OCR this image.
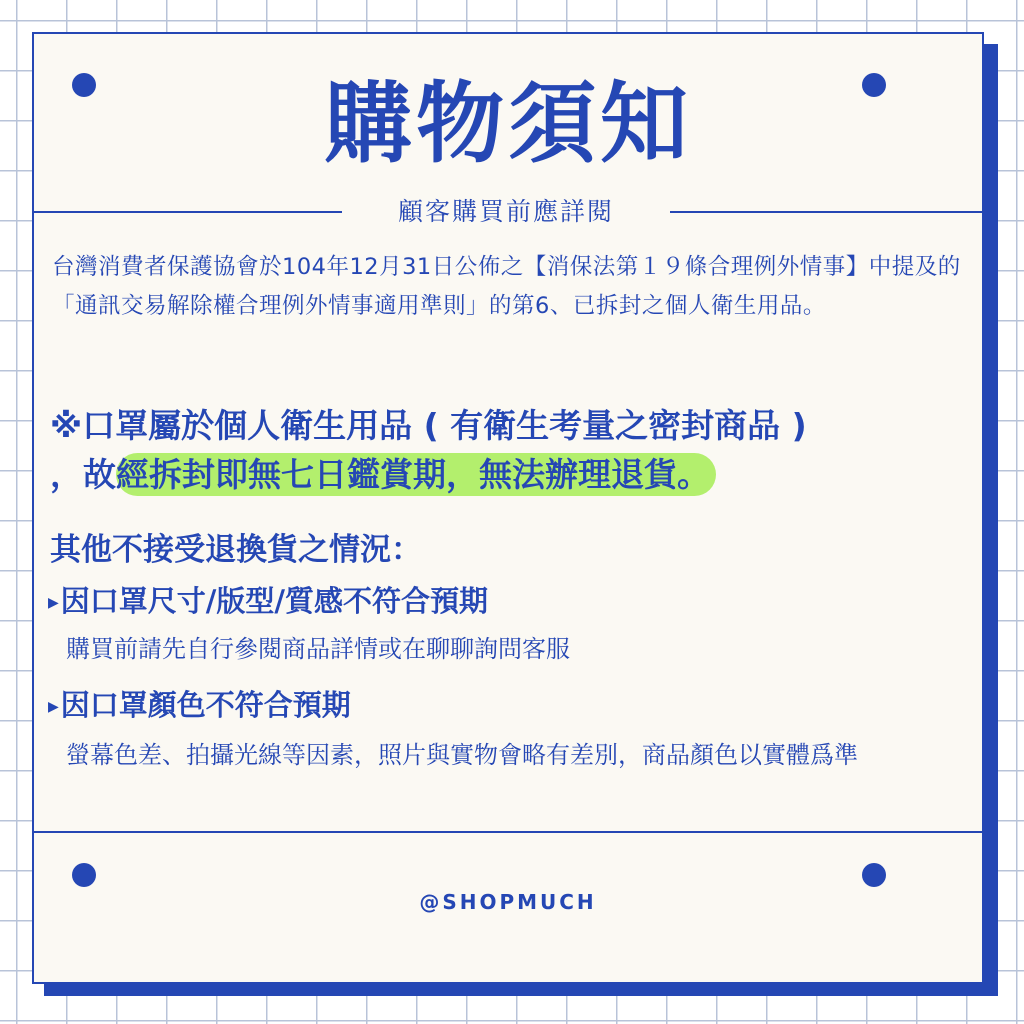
購物須知
顧客購買前應詳閱

台灣消費者保護協會於104年12月31日公佈之【消保法第１９條合理例外情事】中提及的「通訊交易解除權合理例外情事適用準則」的第6、已拆封之個人衛生用品。

※口罩屬於個人衛生用品 ( 有衛生考量之密封商品 )
，故經拆封即無七日鑑賞期，無法辦理退貨。
其他不接受退換貨之情況：
▶因口罩尺寸/版型/質感不符合預期
購買前請先自行參閱商品詳情或在聊聊詢問客服
▶因口罩顏色不符合預期
螢幕色差、拍攝光線等因素，照片與實物會略有差別，商品顏色以實體爲準
@SHOPMUCH
